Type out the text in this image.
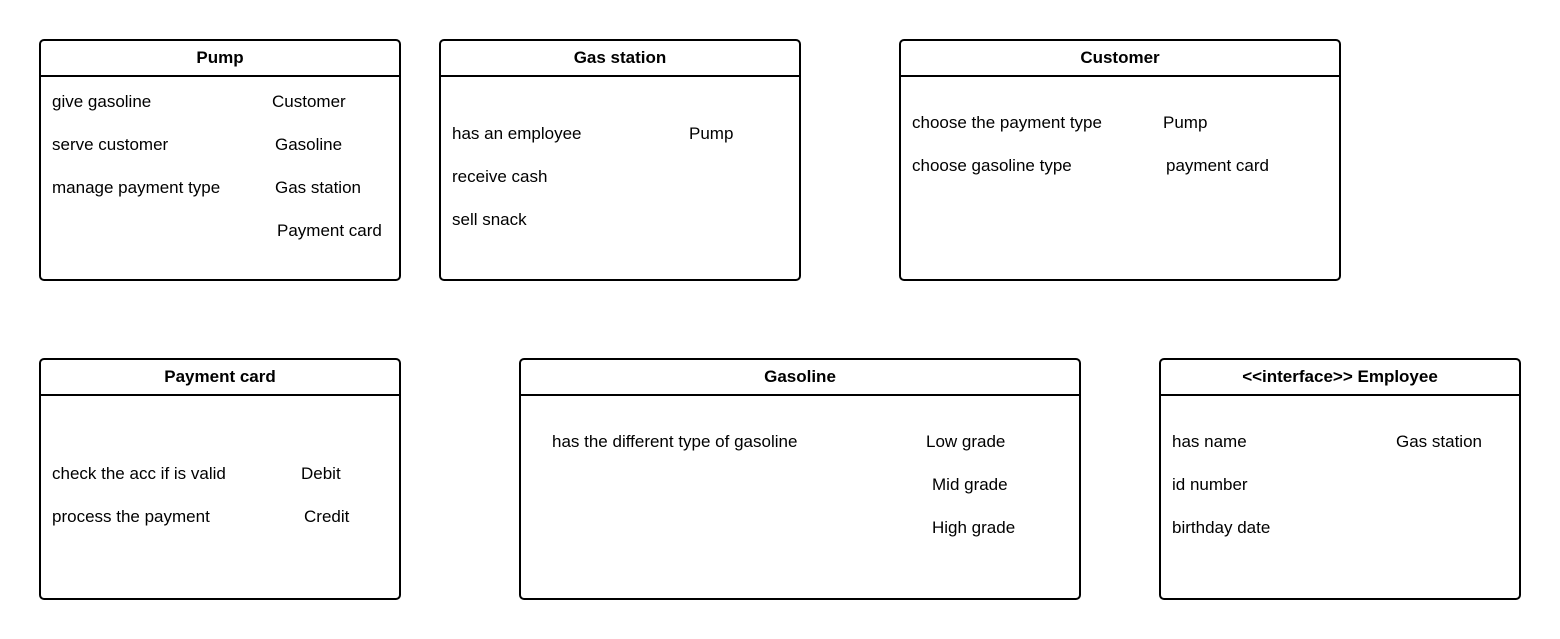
Pump
give gasoline
serve customer
manage payment type
Customer
Gasoline
Gas station
Payment card
Gas station
has an employee
receive cash
sell snack
Pump
Customer
choose the payment type
choose gasoline type
Pump
payment card
Payment card
check the acc if is valid
process the payment
Debit
Credit
Gasoline
has the different type of gasoline	Low grade
Mid grade
High grade
<<interface>> Employee
has name
id number
birthday date
Gas station
